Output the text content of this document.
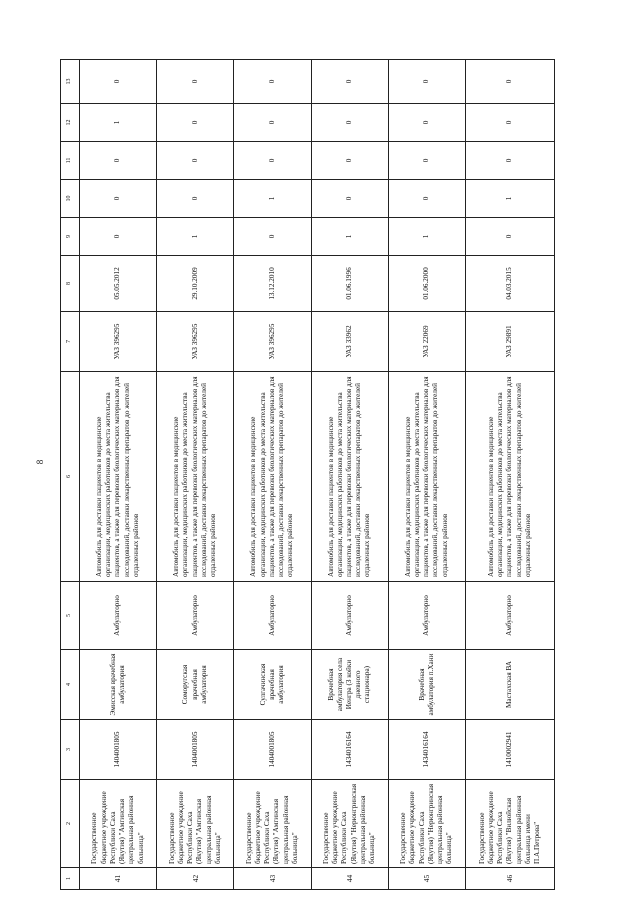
8
1	2	3	4	5	6	7	8	9	10	11	12	13
41	Государственное бюджетное учреждение Республики Саха (Якутия) "Амгинская центральная районная больница"	1404001805	Эмисская врачебная амбулатория	Амбулаторно	Автомобиль для доставки пациентов в медицинские организации, медицинских работников до места жительства пациентов, а также для перевозки биологических материалов для исследований, доставки лекарственных препаратов до жителей отдаленных районов	УАЗ 396295	05.05.2012	0	0	0	1	0
42	Государственное бюджетное учреждение Республики Саха (Якутия) "Амгинская центральная районная больница"	1404001805	Соморугская врачебная амбулатория	Амбулаторно	Автомобиль для доставки пациентов в медицинские организации, медицинских работников до места жительства пациентов, а также для перевозки биологических материалов для исследований, доставки лекарственных препаратов до жителей отдаленных районов	УАЗ 396295	29.10.2009	1	0	0	0	0
43	Государственное бюджетное учреждение Республики Саха (Якутия) "Амгинская центральная районная больница"	1404001805	Сулгачинская врачебная амбулатория	Амбулаторно	Автомобиль для доставки пациентов в медицинские организации, медицинских работников до места жительства пациентов, а также для перевозки биологических материалов для исследований, доставки лекарственных препаратов до жителей отдаленных районов	УАЗ 396295	13.12.2010	0	1	0	0	0
44	Государственное бюджетное учреждение Республики Саха (Якутия) "Нерюнгринская центральная районная больница"	1434016164	Врачебная амбулатория села Иенгра (3 койки дневного стационара)	Амбулаторно	Автомобиль для доставки пациентов в медицинские организации, медицинских работников до места жительства пациентов, а также для перевозки биологических материалов для исследований, доставки лекарственных препаратов до жителей отдаленных районов	УАЗ 33962	01.06.1996	1	0	0	0	0
45	Государственное бюджетное учреждение Республики Саха (Якутия) "Нерюнгринская центральная районная больница"	1434016164	Врачебная амбулатория п.Хани	Амбулаторно	Автомобиль для доставки пациентов в медицинские организации, медицинских работников до места жительства пациентов, а также для перевозки биологических материалов для исследований, доставки лекарственных препаратов до жителей отдаленных районов	УАЗ 22069	01.06.2000	1	0	0	0	0
46	Государственное бюджетное учреждение Республики Саха (Якутия) "Вилюйская центральная районная больница имени П.А.Петрова"	1410002941	Мастахская ВА	Амбулаторно	Автомобиль для доставки пациентов в медицинские организации, медицинских работников до места жительства пациентов, а также для перевозки биологических материалов для исследований, доставки лекарственных препаратов до жителей отдаленных районов	УАЗ 29891	04.03.2015	0	1	0	0	0
